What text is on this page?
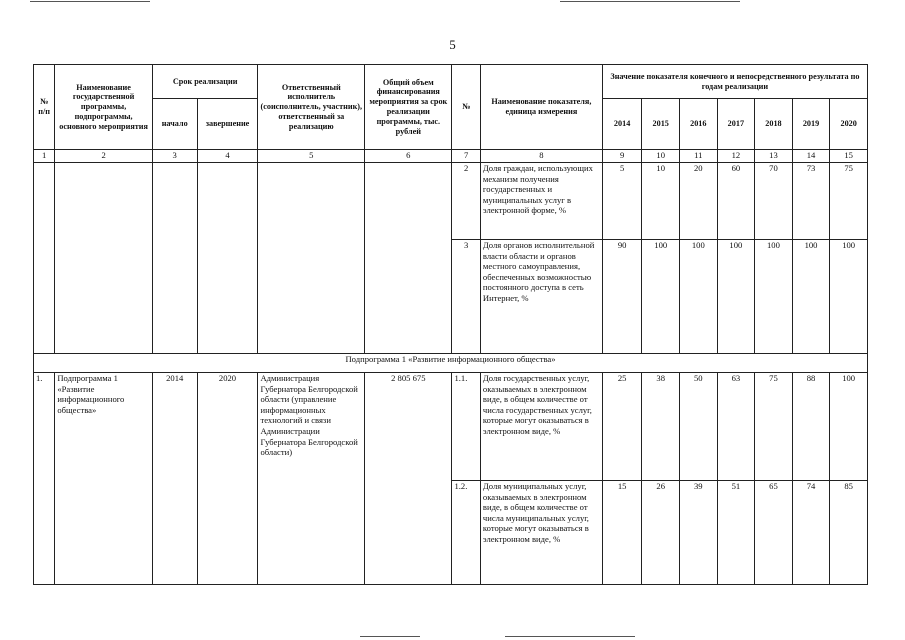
5
№ п/п	Наименование государственной программы, подпрограммы, основного мероприятия	Срок реализации		Ответственный исполнитель (соисполнитель, участник), ответственный за реализацию	Общий объем финансирования мероприятия за срок реализации программы, тыс. рублей	№	Наименование показателя, единица измерения	Значение показателя конечного и непосредственного результата по годам реализации						
		начало	завершение					2014	2015	2016	2017	2018	2019	2020
1	2	3	4	5	6	7	8	9	10	11	12	13	14	15
						2	Доля граждан, использующих механизм получения государственных и муниципальных услуг в электронной форме, %	5	10	20	60	70	73	75
						3	Доля органов исполнительной власти области и органов местного самоуправления, обеспеченных возможностью постоянного доступа в сеть Интернет, %	90	100	100	100	100	100	100
Подпрограмма 1 «Развитие информационного общества»														
1.	Подпрограмма 1 «Развитие информационного общества»	2014	2020	Администрация Губернатора Белгородской области (управление информационных технологий и связи Администрации Губернатора Белгородской области)	2 805 675	1.1.	Доля государственных услуг, оказываемых в электронном виде, в общем количестве от числа государственных услуг, которые могут оказываться в электронном виде, %	25	38	50	63	75	88	100
						1.2.	Доля муниципальных услуг, оказываемых в электронном виде, в общем количестве от числа муниципальных услуг, которые могут оказываться в электронном виде, %	15	26	39	51	65	74	85
